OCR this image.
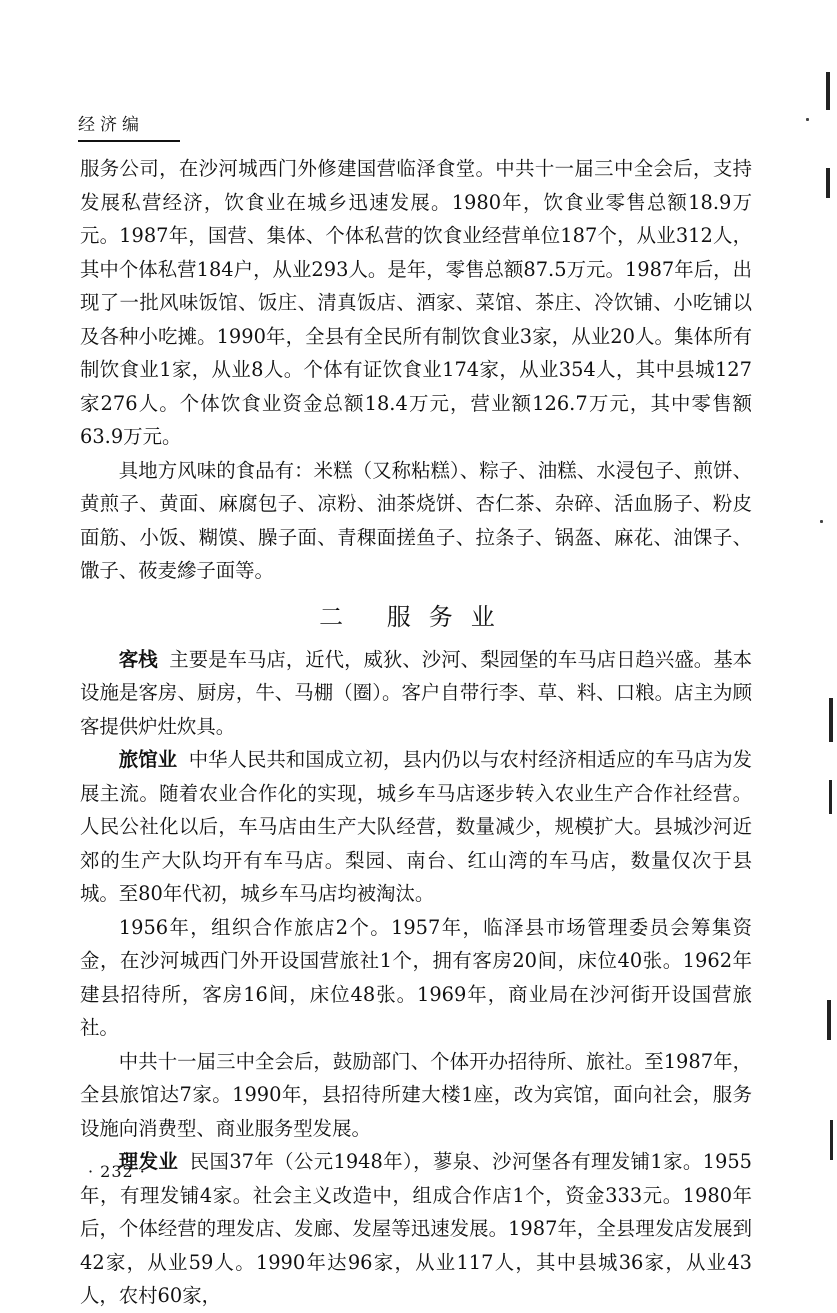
经济编

服务公司，在沙河城西门外修建国营临泽食堂。中共十一届三中全会后，支持发展私营经济，饮食业在城乡迅速发展。1980年，饮食业零售总额18.9万元。1987年，国营、集体、个体私营的饮食业经营单位187个，从业312人，其中个体私营184户，从业293人。是年，零售总额87.5万元。1987年后，出现了一批风味饭馆、饭庄、清真饭店、酒家、菜馆、茶庄、冷饮铺、小吃铺以及各种小吃摊。1990年，全县有全民所有制饮食业3家，从业20人。集体所有制饮食业1家，从业8人。个体有证饮食业174家，从业354人，其中县城127家276人。个体饮食业资金总额18.4万元，营业额126.7万元，其中零售额63.9万元。

具地方风味的食品有：米糕（又称粘糕）、粽子、油糕、水浸包子、煎饼、黄煎子、黄面、麻腐包子、凉粉、油茶烧饼、杏仁茶、杂碎、活血肠子、粉皮面筋、小饭、糊馍、臊子面、青稞面搓鱼子、拉条子、锅盔、麻花、油馃子、馓子、莜麦縿子面等。

二 服务业

客栈 主要是车马店，近代，威狄、沙河、梨园堡的车马店日趋兴盛。基本设施是客房、厨房，牛、马棚（圈）。客户自带行李、草、料、口粮。店主为顾客提供炉灶炊具。

旅馆业 中华人民共和国成立初，县内仍以与农村经济相适应的车马店为发展主流。随着农业合作化的实现，城乡车马店逐步转入农业生产合作社经营。人民公社化以后，车马店由生产大队经营，数量减少，规模扩大。县城沙河近郊的生产大队均开有车马店。梨园、南台、红山湾的车马店，数量仅次于县城。至80年代初，城乡车马店均被淘汰。

1956年，组织合作旅店2个。1957年，临泽县市场管理委员会筹集资金，在沙河城西门外开设国营旅社1个，拥有客房20间，床位40张。1962年建县招待所，客房16间，床位48张。1969年，商业局在沙河街开设国营旅社。

中共十一届三中全会后，鼓励部门、个体开办招待所、旅社。至1987年，全县旅馆达7家。1990年，县招待所建大楼1座，改为宾馆，面向社会，服务设施向消费型、商业服务型发展。

理发业 民国37年（公元1948年），蓼泉、沙河堡各有理发铺1家。1955年，有理发铺4家。社会主义改造中，组成合作店1个，资金333元。1980年后，个体经营的理发店、发廊、发屋等迅速发展。1987年，全县理发店发展到42家，从业59人。1990年达96家，从业117人，其中县城36家，从业43人，农村60家，

· 232 ·
